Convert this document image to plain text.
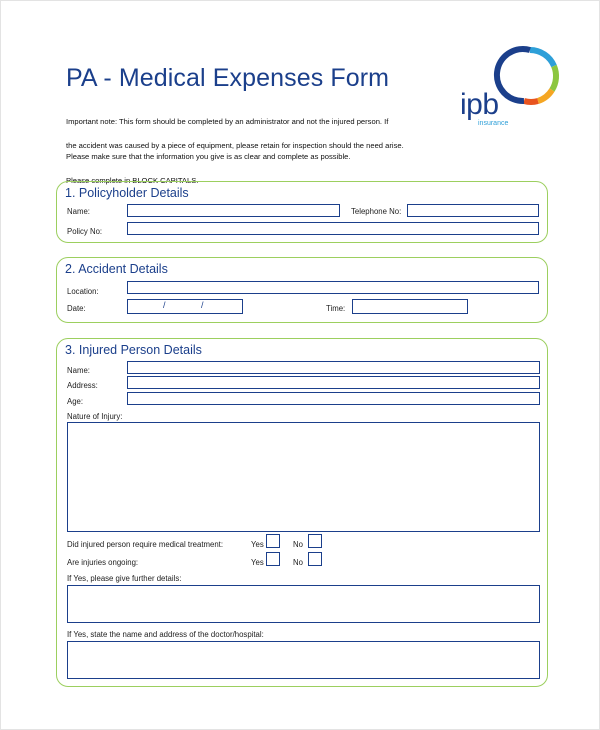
PA - Medical Expenses Form

Important note: This form should be completed by an administrator and not the injured person. If

the accident was caused by a piece of equipment, please retain for inspection should the need arise.

Please make sure that the information you give is as clear and complete as possible.

Please complete in BLOCK CAPITALS.

ipb
insurance
1. Policyholder Details
Name:	Telephone No:
Policy No:
2. Accident Details
Location:
Date:	/	/	Time:
3. Injured Person Details
Name:
Address:
Age:
Nature of Injury:
Did injured person require medical treatment:	Yes	No
Are injuries ongoing:	Yes	No
If Yes, please give further details:
If Yes, state the name and address of the doctor/hospital:
